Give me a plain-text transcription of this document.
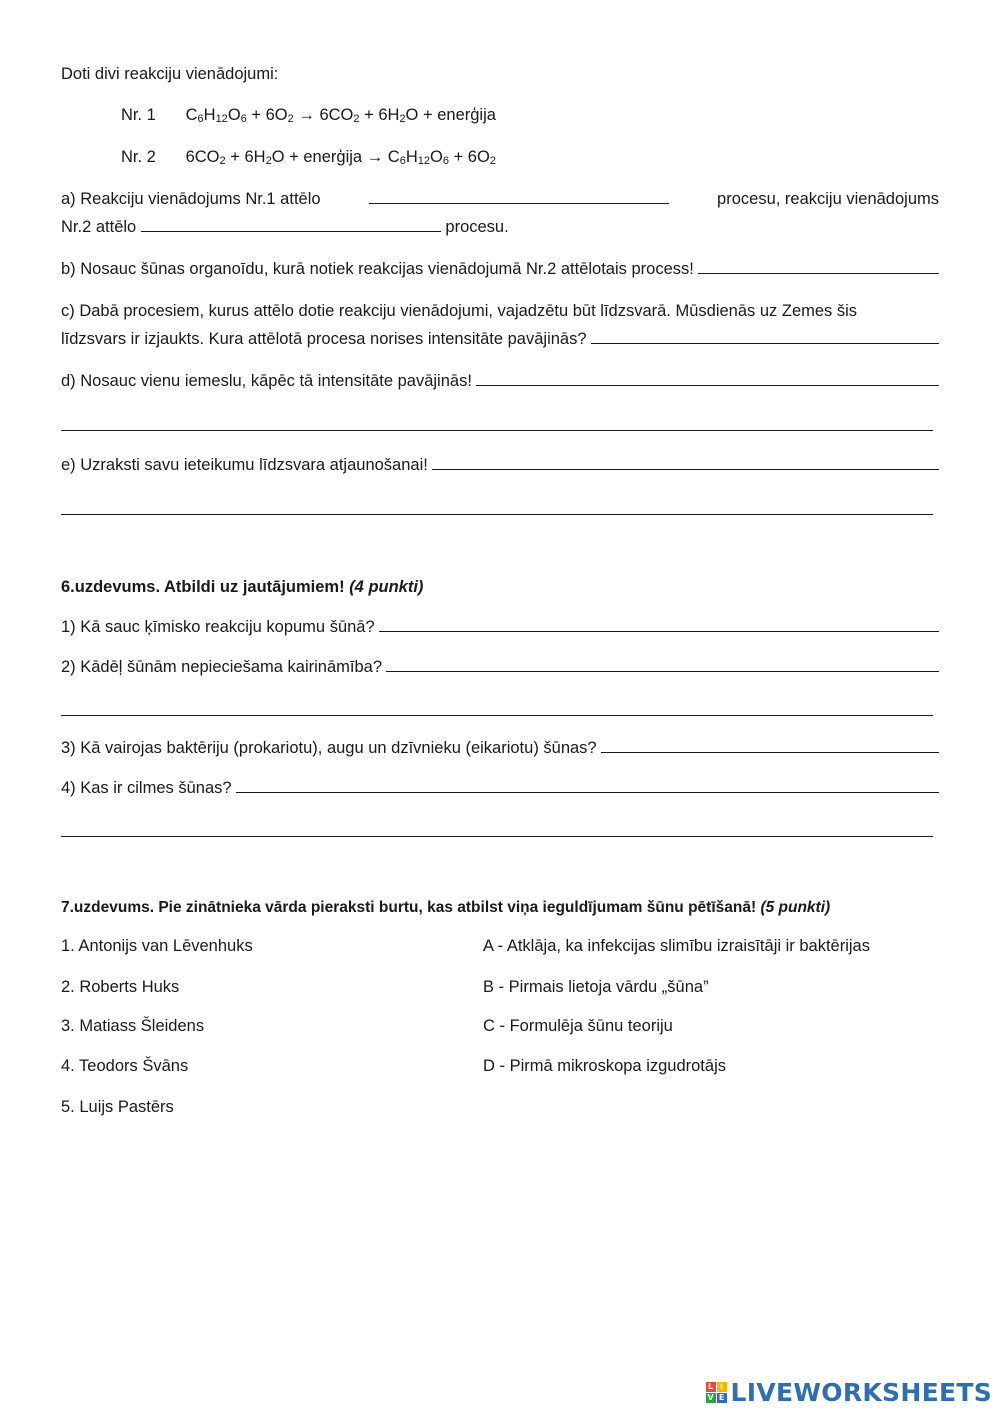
Doti divi reakciju vienādojumi:
Nr. 1 $C_6H_{12}O_6 + 6O_2 \to 6CO_2 + 6H_2O$ + enerģija
Nr. 2 $6CO_2 + 6H_2O$ + enerģija → $C_6H_{12}O_6 + 6O_2$
a) Reakciju vienādojums Nr.1 attēlo	procesu, reakciju vienādojums
Nr.2 attēlo	procesu.
b) Nosauc šūnas organoīdu, kurā notiek reakcijas vienādojumā Nr.2 attēlotais process!
c) Dabā procesiem, kurus attēlo dotie reakciju vienādojumi, vajadzētu būt līdzsvarā. Mūsdienās uz Zemes šis
līdzsvars ir izjaukts. Kura attēlotā procesa norises intensitāte pavājinās?
d) Nosauc vienu iemeslu, kāpēc tā intensitāte pavājinās!
e) Uzraksti savu ieteikumu līdzsvara atjaunošanai!
6.uzdevums. Atbildi uz jautājumiem! (4 punkti)
1) Kā sauc ķīmisko reakciju kopumu šūnā?
2) Kādēļ šūnām nepieciešama kairināmība?
3) Kā vairojas baktēriju (prokariotu), augu un dzīvnieku (eikariotu) šūnas?
4) Kas ir cilmes šūnas?
7.uzdevums. Pie zinātnieka vārda pieraksti burtu, kas atbilst viņa ieguldījumam šūnu pētīšanā! (5 punkti)
1. Antonijs van Lēvenhuks
2. Roberts Huks
3. Matiass Šleidens
4. Teodors Švāns
5. Luijs Pastērs
A - Atklāja, ka infekcijas slimību izraisītāji ir baktērijas
B - Pirmais lietoja vārdu „šūna”
C - Formulēja šūnu teoriju
D - Pirmā mikroskopa izgudrotājs
L I
V E LIVEWORKSHEETS
